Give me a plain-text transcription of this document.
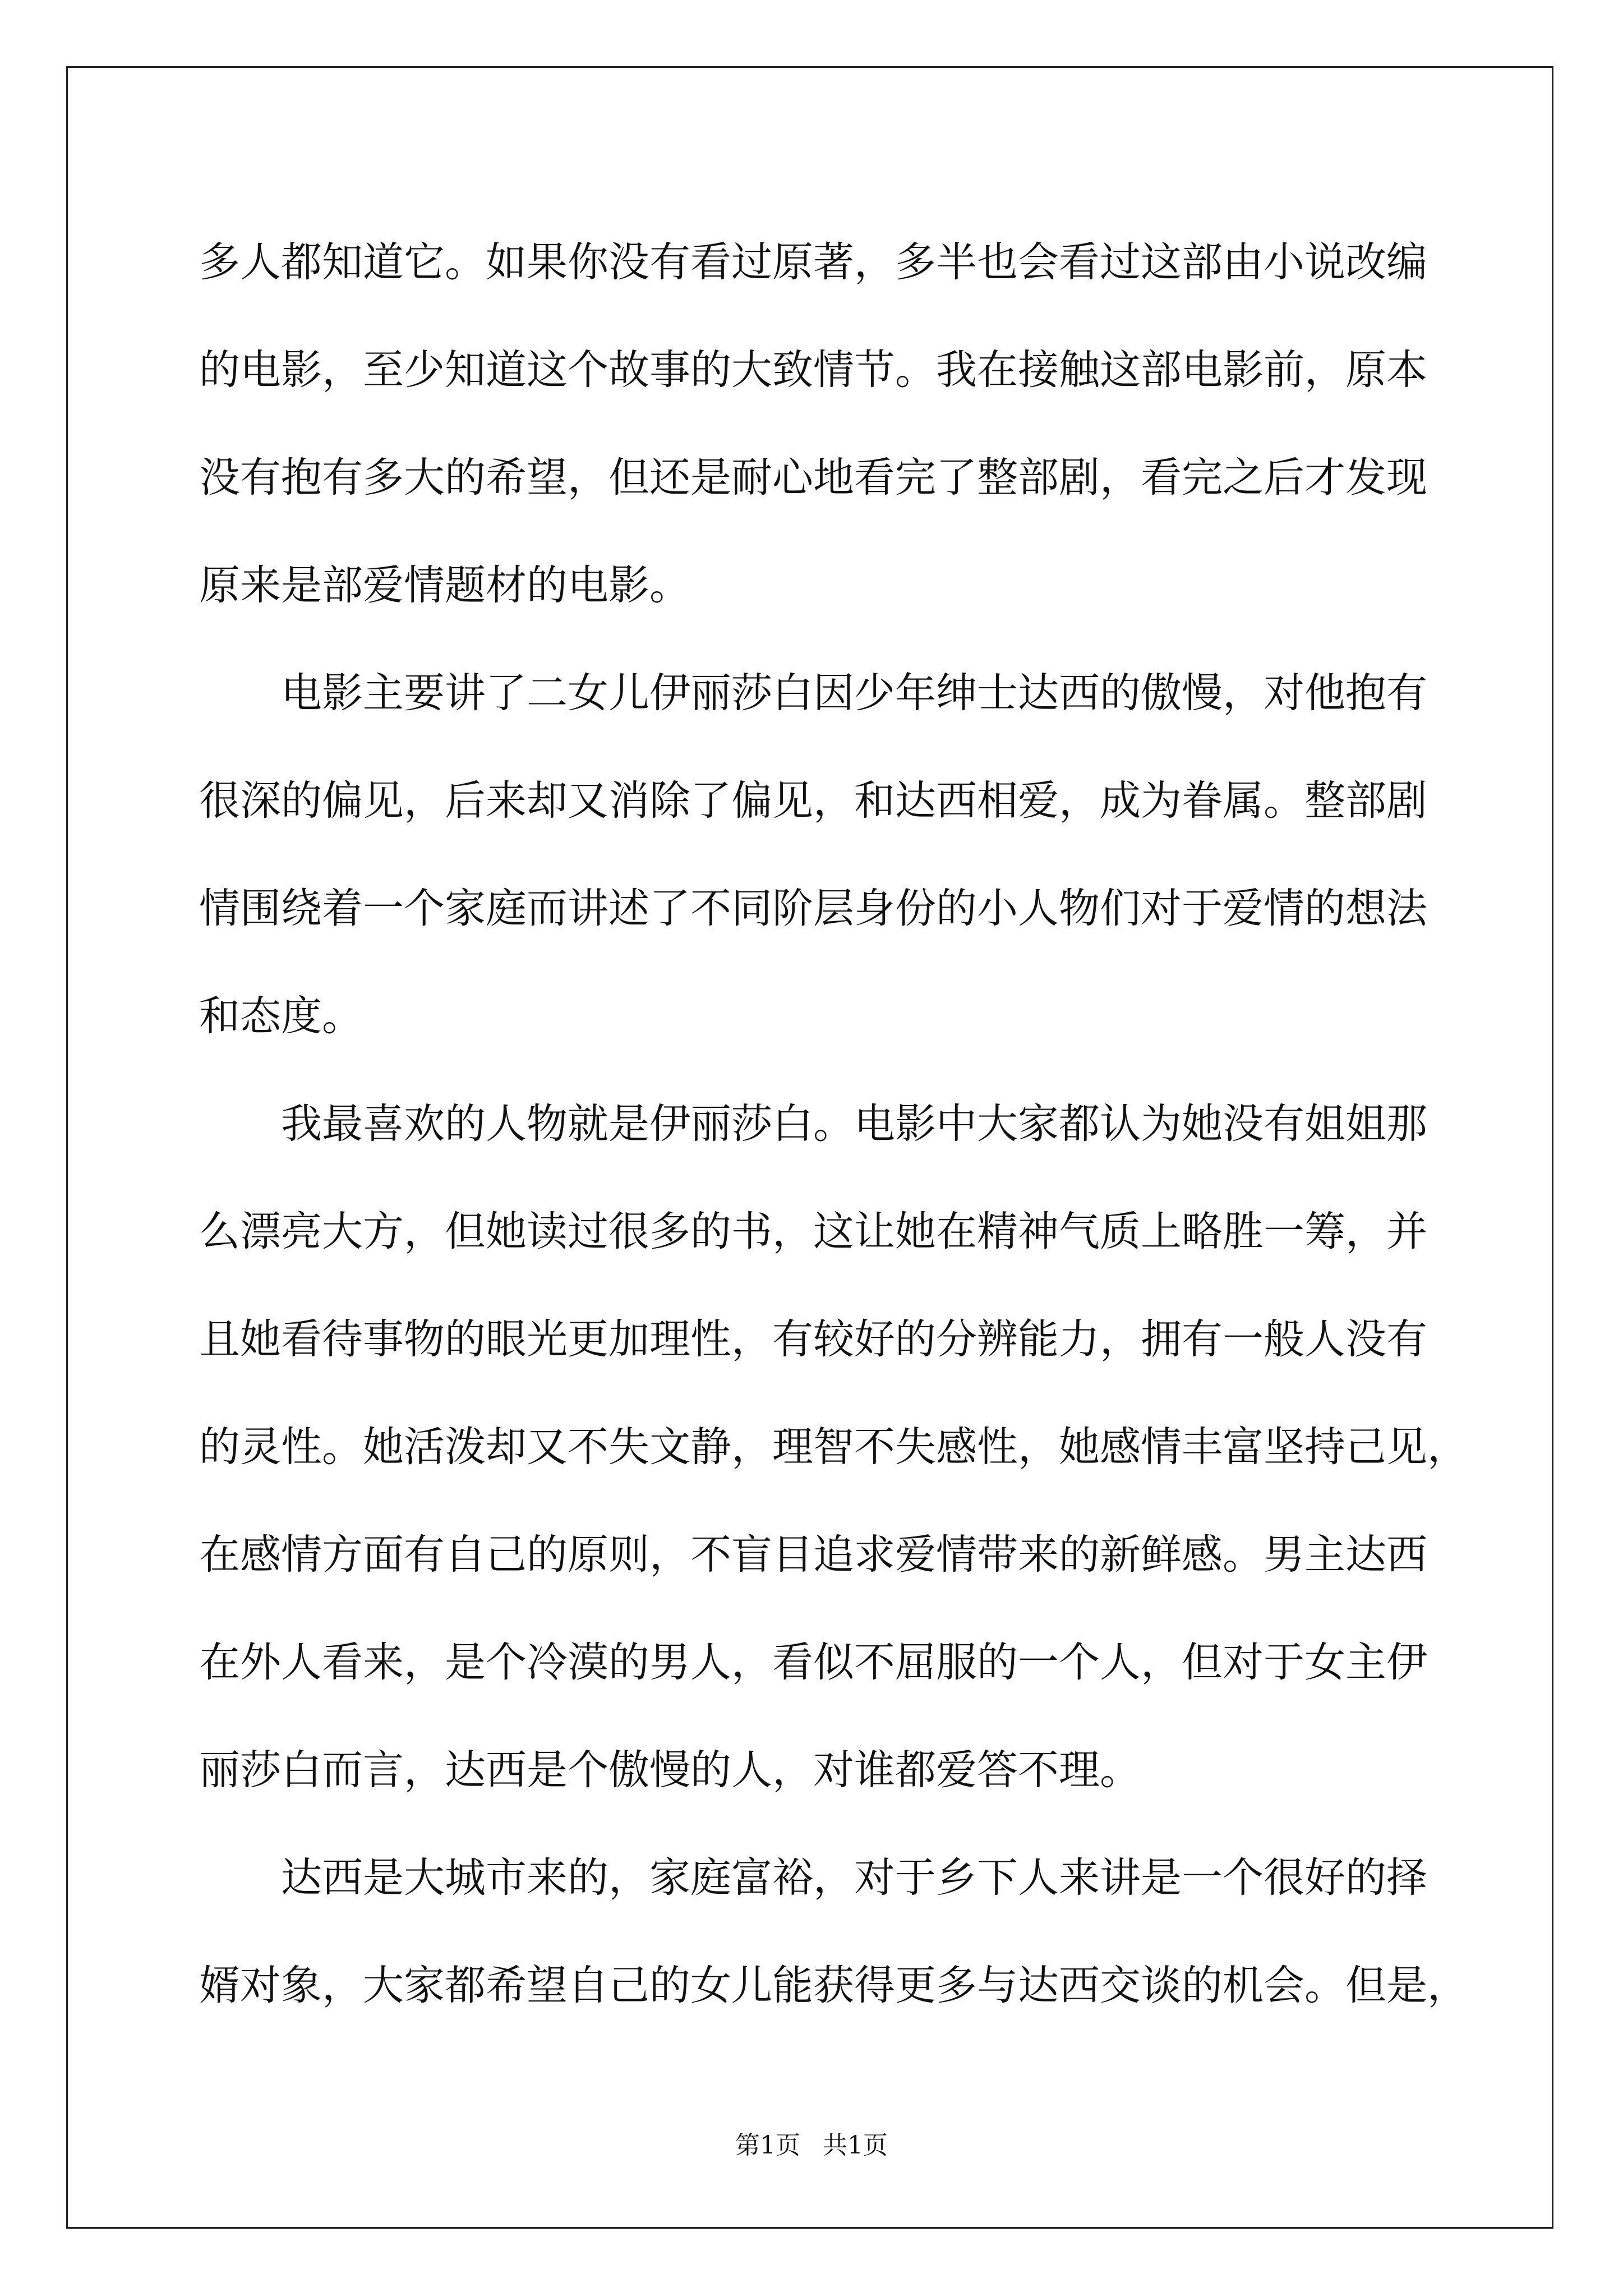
多人都知道它。如果你没有看过原著，多半也会看过这部由小说改编
的电影，至少知道这个故事的大致情节。我在接触这部电影前，原本
没有抱有多大的希望，但还是耐心地看完了整部剧，看完之后才发现
原来是部爱情题材的电影。
　　电影主要讲了二女儿伊丽莎白因少年绅士达西的傲慢，对他抱有
很深的偏见，后来却又消除了偏见，和达西相爱，成为眷属。整部剧
情围绕着一个家庭而讲述了不同阶层身份的小人物们对于爱情的想法
和态度。
　　我最喜欢的人物就是伊丽莎白。电影中大家都认为她没有姐姐那
么漂亮大方，但她读过很多的书，这让她在精神气质上略胜一筹，并
且她看待事物的眼光更加理性，有较好的分辨能力，拥有一般人没有
的灵性。她活泼却又不失文静，理智不失感性，她感情丰富坚持己见，
在感情方面有自己的原则，不盲目追求爱情带来的新鲜感。男主达西
在外人看来，是个冷漠的男人，看似不屈服的一个人，但对于女主伊
丽莎白而言，达西是个傲慢的人，对谁都爱答不理。
　　达西是大城市来的，家庭富裕，对于乡下人来讲是一个很好的择
婿对象，大家都希望自己的女儿能获得更多与达西交谈的机会。但是，
第1页 共1页
